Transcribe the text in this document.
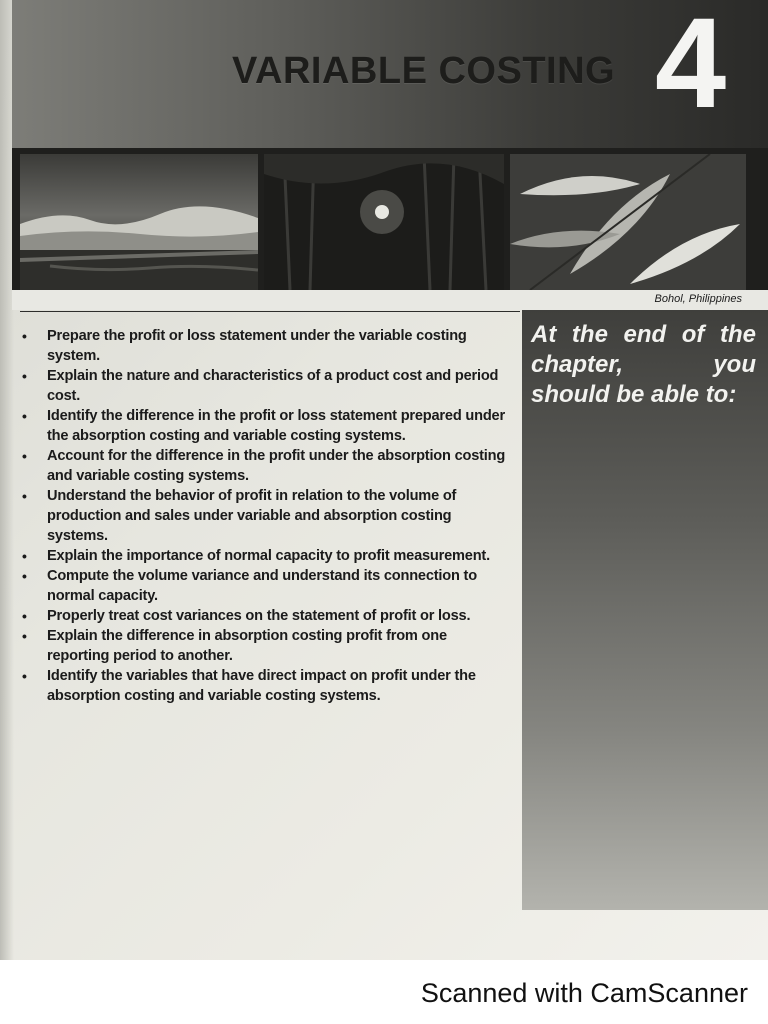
VARIABLE COSTING 4
Bohol, Philippines

At the end of the chapter, you should be able to:

• Prepare the profit or loss statement under the variable costing system.
• Explain the nature and characteristics of a product cost and period cost.
• Identify the difference in the profit or loss statement prepared under the absorption costing and variable costing systems.
• Account for the difference in the profit under the absorption costing and variable costing systems.
• Understand the behavior of profit in relation to the volume of production and sales under variable and absorption costing systems.
• Explain the importance of normal capacity to profit measurement.
• Compute the volume variance and understand its connection to normal capacity.
• Properly treat cost variances on the statement of profit or loss.
• Explain the difference in absorption costing profit from one reporting period to another.
• Identify the variables that have direct impact on profit under the absorption costing and variable costing systems.
Scanned with CamScanner
